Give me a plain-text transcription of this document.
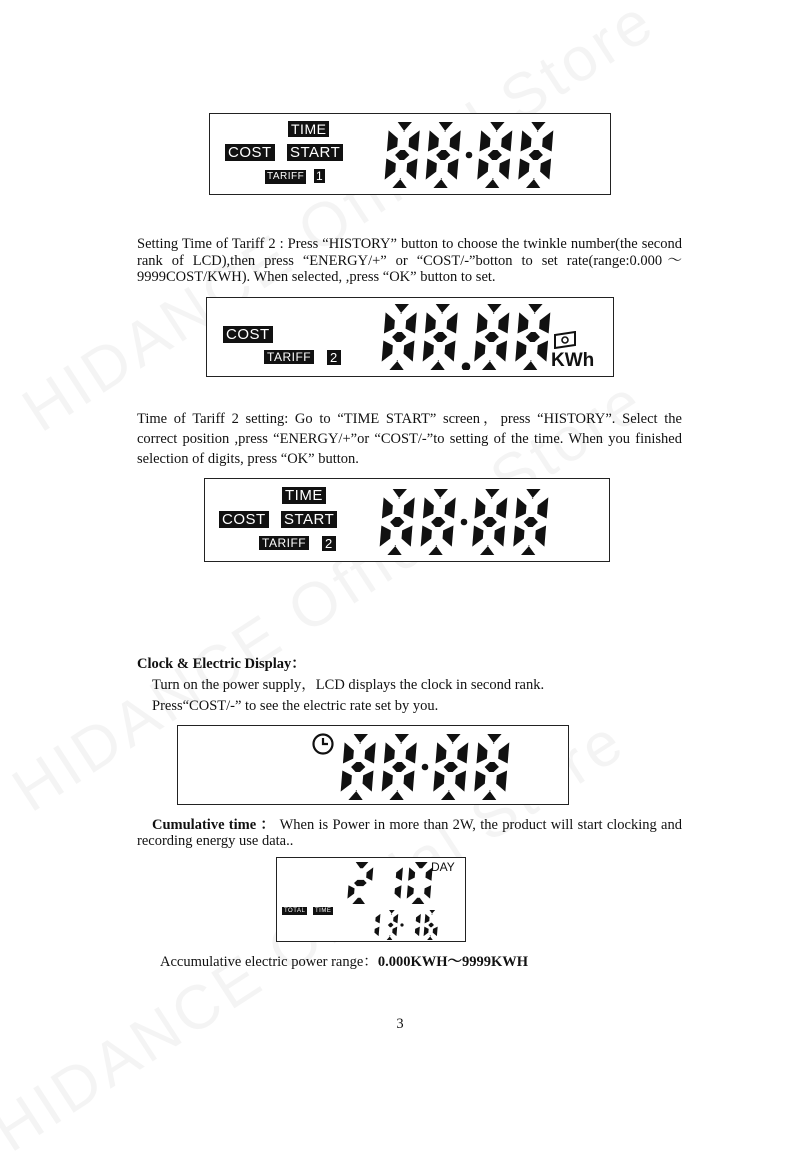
TIME
COST START
TARIFF 1
Setting Time of Tariff 2 : Press “HISTORY” button to choose the twinkle number(the second rank of LCD),then press “ENERGY/+” or “COST/-”botton to set rate(range:0.000～9999COST/KWH). When selected, ,press “OK” button to set.
COST
TARIFF 2	KWh
Time of Tariff 2 setting: Go to “TIME START” screen，press “HISTORY”. Select the correct position ,press “ENERGY/+”or “COST/-”to setting of the time. When you finished selection of digits, press “OK” button.
TIME
COST START
TARIFF 2
Clock & Electric Display：
Turn on the power supply，LCD displays the clock in second rank.
Press“COST/-” to see the electric rate set by you.
Cumulative time ： When is Power in more than 2W, the product will start clocking and recording energy use data..
DAY
TOTAL	TIME
Accumulative electric power range：0.000KWH～9999KWH
3
